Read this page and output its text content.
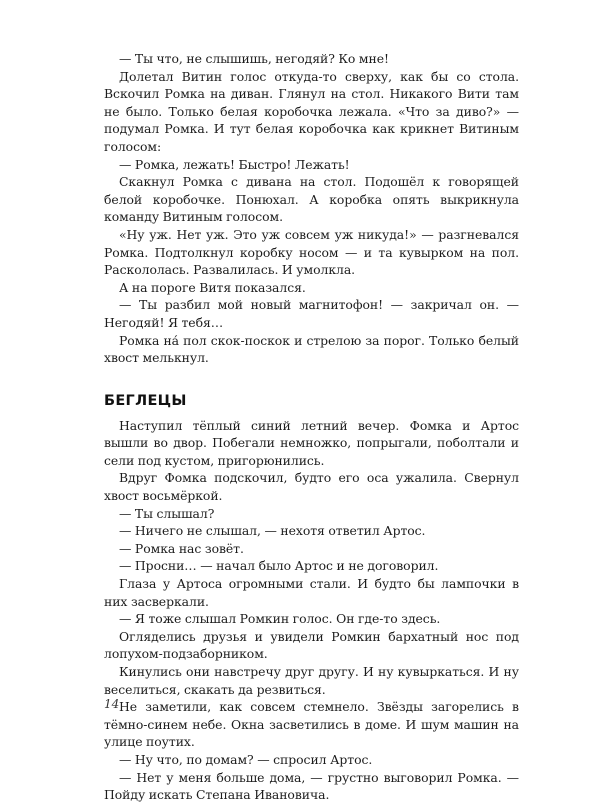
— Ты что, не слышишь, негодяй? Ко мне!

Долетал Витин голос откуда-то сверху, как бы со стола. Вскочил Ромка на диван. Глянул на стол. Никакого Вити там не было. Только белая коробочка лежала. «Что за диво?» — подумал Ромка. И тут белая коробочка как крикнет Витиным голосом:

— Ромка, лежать! Быстро! Лежать!

Скакнул Ромка с дивана на стол. Подошёл к говорящей белой коробочке. Понюхал. А коробка опять выкрикнула команду Витиным голосом.

«Ну уж. Нет уж. Это уж совсем уж никуда!» — разгневался Ромка. Подтолкнул коробку носом — и та кувырком на пол. Раскололась. Развалилась. И умолкла.

А на пороге Витя показался.

— Ты разбил мой новый магнитофон! — закричал он. — Негодяй! Я тебя…

Ромка на́ пол скок-поскок и стрелою за порог. Только белый хвост мелькнул.

БЕГЛЕЦЫ

Наступил тёплый синий летний вечер. Фомка и Артос вышли во двор. Побегали немножко, попрыгали, поболтали и сели под кустом, пригорюнились.

Вдруг Фомка подскочил, будто его оса ужалила. Свернул хвост восьмёркой.

— Ты слышал?

— Ничего не слышал, — нехотя ответил Артос.

— Ромка нас зовёт.

— Просни… — начал было Артос и не договорил.

Глаза у Артоса огромными стали. И будто бы лампочки в них засверкали.

— Я тоже слышал Ромкин голос. Он где-то здесь.

Огляделись друзья и увидели Ромкин бархатный нос под лопухом-подзаборником.

Кинулись они навстречу друг другу. И ну кувыркаться. И ну веселиться, скакать да резвиться.

Не заметили, как совсем стемнело. Звёзды загорелись в тёмно-синем небе. Окна засветились в доме. И шум машин на улице поутих.

— Ну что, по домам? — спросил Артос.

— Нет у меня больше дома, — грустно выговорил Ромка. — Пойду искать Степана Ивановича.

14
